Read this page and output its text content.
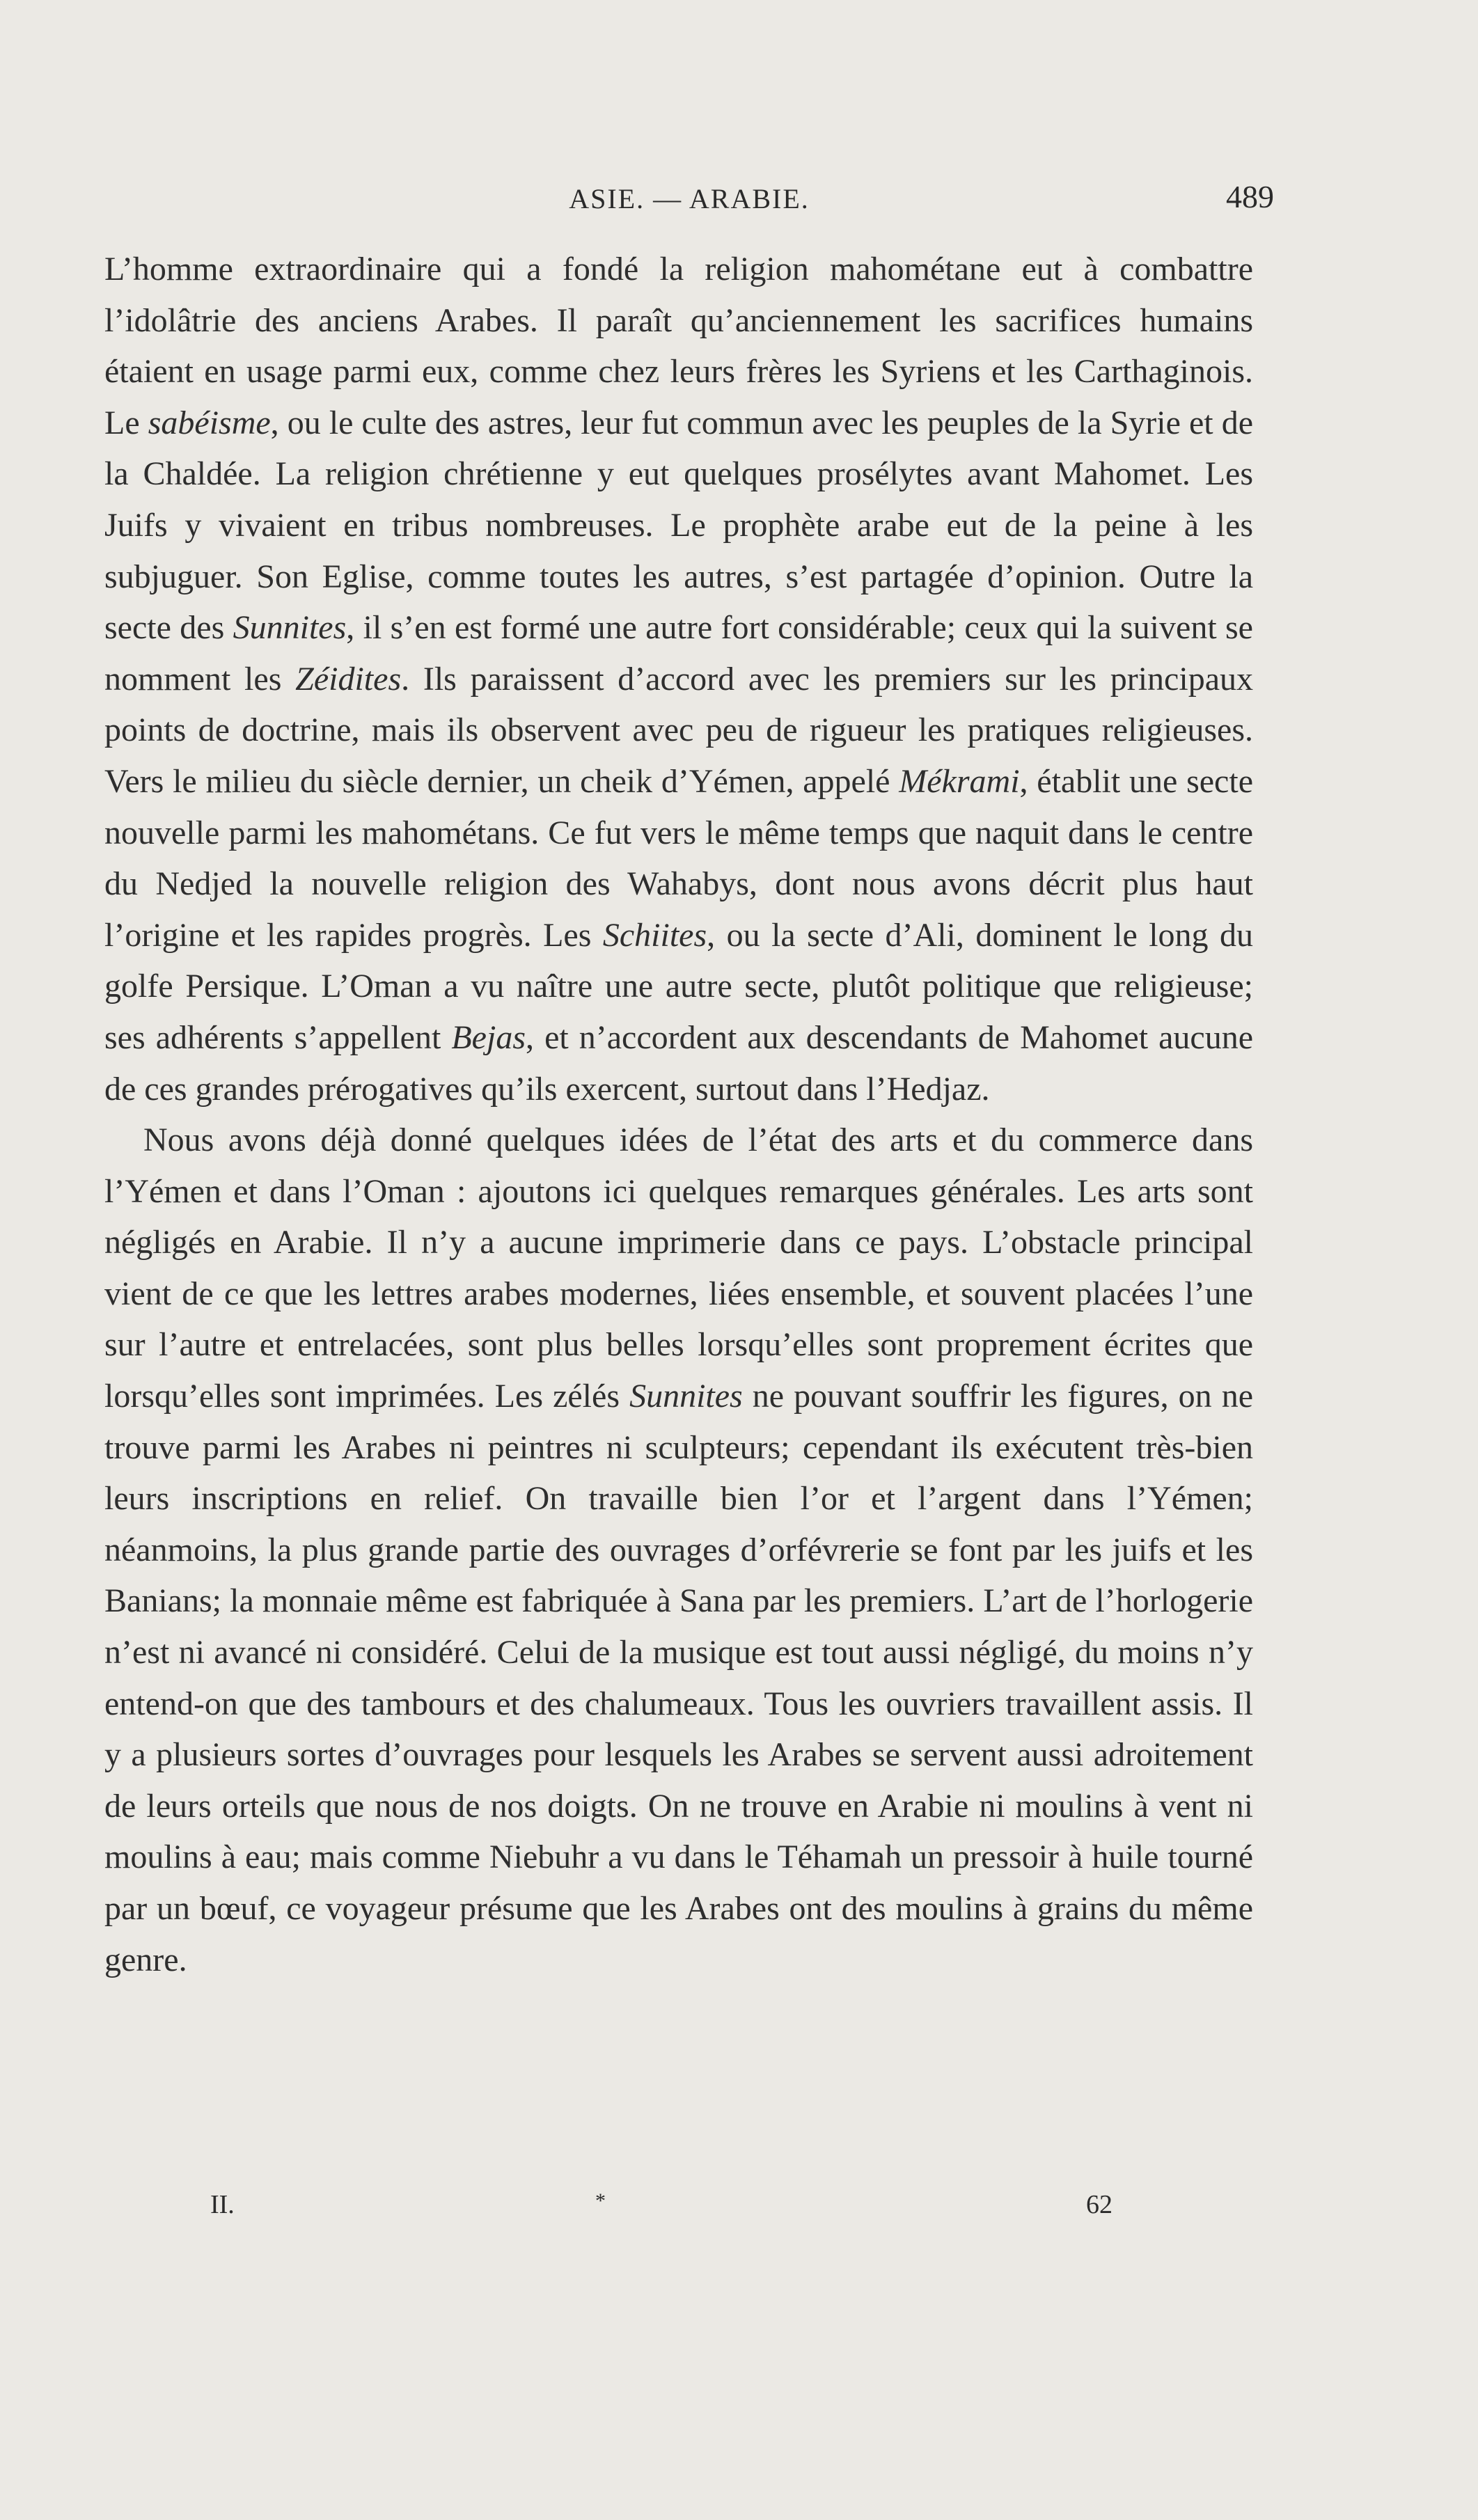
ASIE. — ARABIE.	489

L’homme extraordinaire qui a fondé la religion mahométane eut à combattre l’idolâtrie des anciens Arabes. Il paraît qu’anciennement les sacrifices humains étaient en usage parmi eux, comme chez leurs frères les Syriens et les Carthaginois. Le sabéisme, ou le culte des astres, leur fut commun avec les peuples de la Syrie et de la Chaldée. La religion chrétienne y eut quelques prosélytes avant Mahomet. Les Juifs y vivaient en tribus nombreuses. Le prophète arabe eut de la peine à les subjuguer. Son Eglise, comme toutes les autres, s’est partagée d’opinion. Outre la secte des Sunnites, il s’en est formé une autre fort considérable; ceux qui la suivent se nomment les Zéidites. Ils paraissent d’accord avec les premiers sur les principaux points de doctrine, mais ils observent avec peu de rigueur les pratiques religieuses. Vers le milieu du siècle dernier, un cheik d’Yémen, appelé Mékrami, établit une secte nouvelle parmi les mahométans. Ce fut vers le même temps que naquit dans le centre du Nedjed la nouvelle religion des Wahabys, dont nous avons décrit plus haut l’origine et les rapides progrès. Les Schiites, ou la secte d’Ali, dominent le long du golfe Persique. L’Oman a vu naître une autre secte, plutôt politique que religieuse; ses adhérents s’appellent Bejas, et n’accordent aux descendants de Mahomet aucune de ces grandes prérogatives qu’ils exercent, surtout dans l’Hedjaz.

Nous avons déjà donné quelques idées de l’état des arts et du commerce dans l’Yémen et dans l’Oman : ajoutons ici quelques remarques générales. Les arts sont négligés en Arabie. Il n’y a aucune imprimerie dans ce pays. L’obstacle principal vient de ce que les lettres arabes modernes, liées ensemble, et souvent placées l’une sur l’autre et entrelacées, sont plus belles lorsqu’elles sont proprement écrites que lorsqu’elles sont imprimées. Les zélés Sunnites ne pouvant souffrir les figures, on ne trouve parmi les Arabes ni peintres ni sculpteurs; cependant ils exécutent très-bien leurs inscriptions en relief. On travaille bien l’or et l’argent dans l’Yémen; néanmoins, la plus grande partie des ouvrages d’orfévrerie se font par les juifs et les Banians; la monnaie même est fabriquée à Sana par les premiers. L’art de l’horlogerie n’est ni avancé ni considéré. Celui de la musique est tout aussi négligé, du moins n’y entend-on que des tambours et des chalumeaux. Tous les ouvriers travaillent assis. Il y a plusieurs sortes d’ouvrages pour lesquels les Arabes se servent aussi adroitement de leurs orteils que nous de nos doigts. On ne trouve en Arabie ni moulins à vent ni moulins à eau; mais comme Niebuhr a vu dans le Téhamah un pressoir à huile tourné par un bœuf, ce voyageur présume que les Arabes ont des moulins à grains du même genre.

II.	*	62
